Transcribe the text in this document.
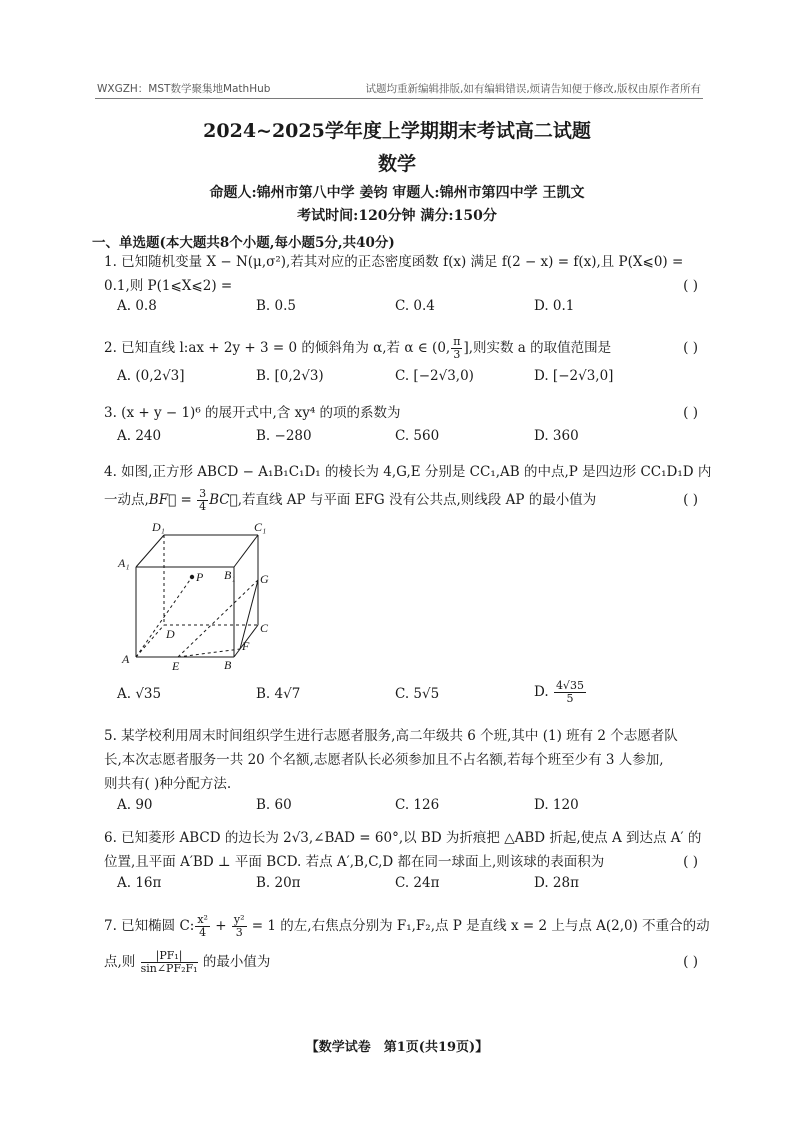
WXGZH：MST数学聚集地MathHub	试题均重新编辑排版,如有编辑错误,烦请告知便于修改,版权由原作者所有
2024~2025学年度上学期期末考试高二试题
数学
命题人:锦州市第八中学 姜钧 审题人:锦州市第四中学 王凯文
考试时间:120分钟 满分:150分
一、单选题(本大题共8个小题,每小题5分,共40分)
1. 已知随机变量 X − N(μ,σ²),若其对应的正态密度函数 f(x) 满足 f(2 − x) = f(x),且 P(X⩽0) =
0.1,则 P(1⩽X⩽2) =	( )
A. 0.8	B. 0.5	C. 0.4	D. 0.1
2. 已知直线 l:ax + 2y + 3 = 0 的倾斜角为 α,若 α ∈ (0, $\frac{\pi}{3}$ ],则实数 a 的取值范围是	( )
A. (0,2√3]	B. [0,2√3)	C. [−2√3,0)	D. [−2√3,0]
3. (x + y − 1)⁶ 的展开式中,含 xy⁴ 的项的系数为	( )
A. 240	B. −280	C. 560	D. 360
4. 如图,正方形 ABCD − A₁B₁C₁D₁ 的棱长为 4,G,E 分别是 CC₁,AB 的中点,P 是四边形 CC₁D₁D 内
一动点,BF⃗ = $\frac{3}{4}$ BC⃗,若直线 AP 与平面 EFG 没有公共点,则线段 AP 的最小值为	( )
D₁	C₁
A₁
B₁
P	G
D	C
A	E	B
F
A. √35	B. 4√7	C. 5√5	D. $\frac{4√35}{5}$
5. 某学校利用周末时间组织学生进行志愿者服务,高二年级共 6 个班,其中 (1) 班有 2 个志愿者队
长,本次志愿者服务一共 20 个名额,志愿者队长必须参加且不占名额,若每个班至少有 3 人参加,
则共有( )种分配方法.
A. 90	B. 60	C. 126	D. 120
6. 已知菱形 ABCD 的边长为 2√3,∠BAD = 60°,以 BD 为折痕把 △ABD 折起,使点 A 到达点 A′ 的
位置,且平面 A′BD ⊥ 平面 BCD. 若点 A′,B,C,D 都在同一球面上,则该球的表面积为	( )
A. 16π	B. 20π	C. 24π	D. 28π
7. 已知椭圆 C: $\frac{\text{x²}}{4} + \frac{\text{y²}}{3} = 1$ 的左,右焦点分别为 F₁,F₂,点 P 是直线 x = 2 上与点 A(2,0) 不重合的动
点,则 $\frac{\text{|PF₁|}}{\text{sin∠PF₂F₁}}$ 的最小值为	( )
【数学试卷　第1页(共19页)】
